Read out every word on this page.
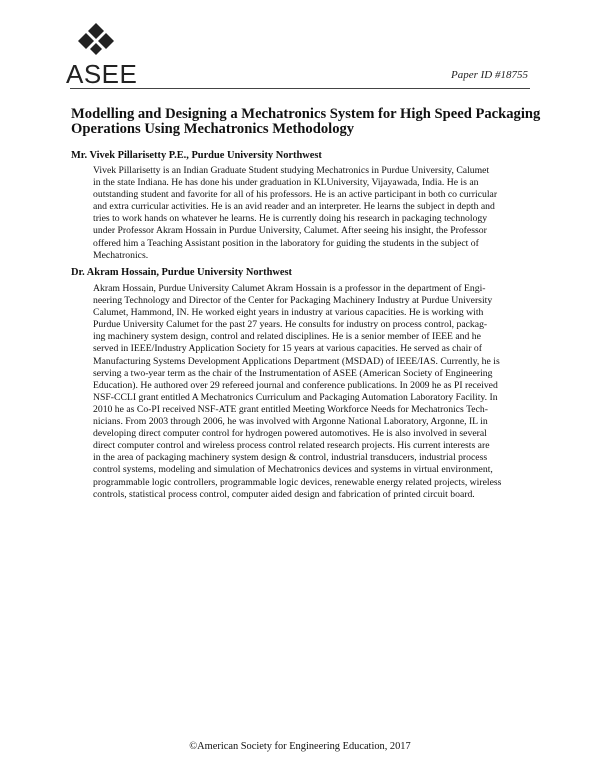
ASEE	Paper ID #18755
Modelling and Designing a Mechatronics System for High Speed Packaging
Operations Using Mechatronics Methodology
Mr. Vivek Pillarisetty P.E., Purdue University Northwest
Vivek Pillarisetty is an Indian Graduate Student studying Mechatronics in Purdue University, Calumet
in the state Indiana. He has done his under graduation in KLUniversity, Vijayawada, India. He is an
outstanding student and favorite for all of his professors. He is an active participant in both co curricular
and extra curricular activities. He is an avid reader and an interpreter. He learns the subject in depth and
tries to work hands on whatever he learns. He is currently doing his research in packaging technology
under Professor Akram Hossain in Purdue University, Calumet. After seeing his insight, the Professor
offered him a Teaching Assistant position in the laboratory for guiding the students in the subject of
Mechatronics.
Dr. Akram Hossain, Purdue University Northwest
Akram Hossain, Purdue University Calumet Akram Hossain is a professor in the department of Engi-
neering Technology and Director of the Center for Packaging Machinery Industry at Purdue University
Calumet, Hammond, IN. He worked eight years in industry at various capacities. He is working with
Purdue University Calumet for the past 27 years. He consults for industry on process control, packag-
ing machinery system design, control and related disciplines. He is a senior member of IEEE and he
served in IEEE/Industry Application Society for 15 years at various capacities. He served as chair of
Manufacturing Systems Development Applications Department (MSDAD) of IEEE/IAS. Currently, he is
serving a two-year term as the chair of the Instrumentation of ASEE (American Society of Engineering
Education). He authored over 29 refereed journal and conference publications. In 2009 he as PI received
NSF-CCLI grant entitled A Mechatronics Curriculum and Packaging Automation Laboratory Facility. In
2010 he as Co-PI received NSF-ATE grant entitled Meeting Workforce Needs for Mechatronics Tech-
nicians. From 2003 through 2006, he was involved with Argonne National Laboratory, Argonne, IL in
developing direct computer control for hydrogen powered automotives. He is also involved in several
direct computer control and wireless process control related research projects. His current interests are
in the area of packaging machinery system design & control, industrial transducers, industrial process
control systems, modeling and simulation of Mechatronics devices and systems in virtual environment,
programmable logic controllers, programmable logic devices, renewable energy related projects, wireless
controls, statistical process control, computer aided design and fabrication of printed circuit board.
©American Society for Engineering Education, 2017
